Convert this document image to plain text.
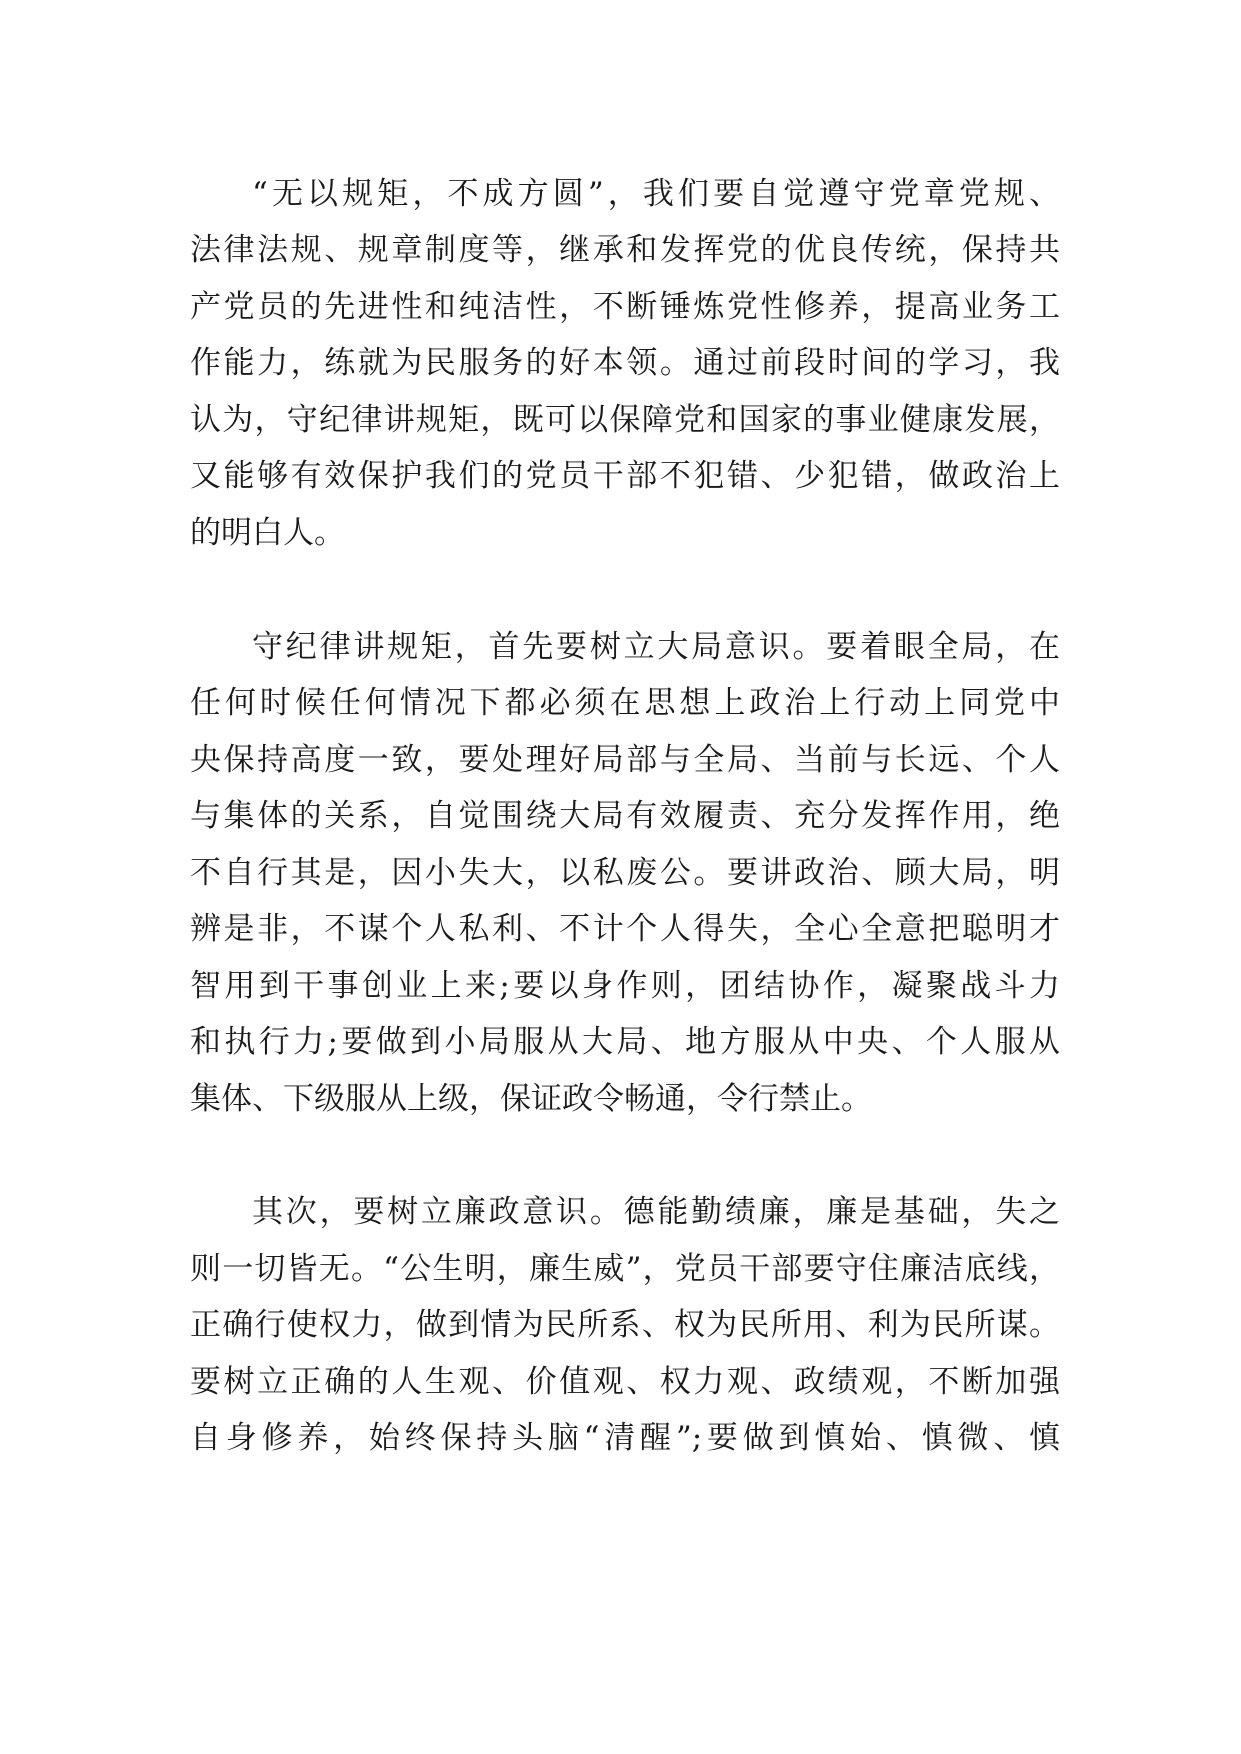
“无以规矩，不成方圆”，我们要自觉遵守党章党规、
法律法规、规章制度等，继承和发挥党的优良传统，保持共
产党员的先进性和纯洁性，不断锤炼党性修养，提高业务工
作能力，练就为民服务的好本领。通过前段时间的学习，我
认为，守纪律讲规矩，既可以保障党和国家的事业健康发展，
又能够有效保护我们的党员干部不犯错、少犯错，做政治上
的明白人。
守纪律讲规矩，首先要树立大局意识。要着眼全局，在
任何时候任何情况下都必须在思想上政治上行动上同党中
央保持高度一致，要处理好局部与全局、当前与长远、个人
与集体的关系，自觉围绕大局有效履责、充分发挥作用，绝
不自行其是，因小失大，以私废公。要讲政治、顾大局，明
辨是非，不谋个人私利、不计个人得失，全心全意把聪明才
智用到干事创业上来;要以身作则，团结协作，凝聚战斗力
和执行力;要做到小局服从大局、地方服从中央、个人服从
集体、下级服从上级，保证政令畅通，令行禁止。
其次，要树立廉政意识。德能勤绩廉，廉是基础，失之
则一切皆无。“公生明，廉生威”，党员干部要守住廉洁底线，
正确行使权力，做到情为民所系、权为民所用、利为民所谋。
要树立正确的人生观、价值观、权力观、政绩观，不断加强
自身修养，始终保持头脑“清醒”;要做到慎始、慎微、慎
